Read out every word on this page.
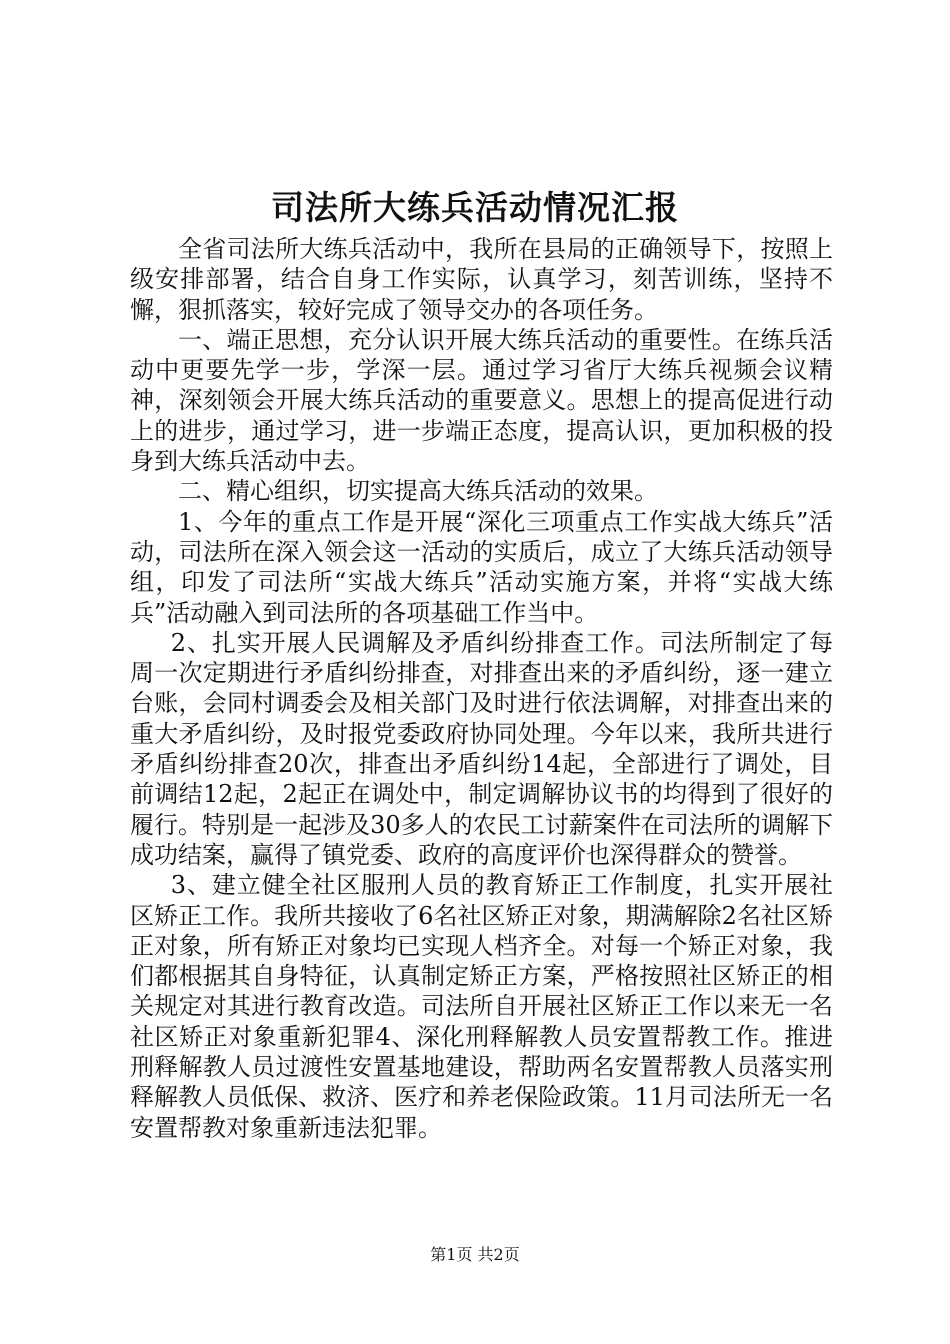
司法所大练兵活动情况汇报

全省司法所大练兵活动中，我所在县局的正确领导下，按照上级安排部署，结合自身工作实际，认真学习，刻苦训练，坚持不懈，狠抓落实，较好完成了领导交办的各项任务。

一、端正思想，充分认识开展大练兵活动的重要性。在练兵活动中更要先学一步，学深一层。通过学习省厅大练兵视频会议精神，深刻领会开展大练兵活动的重要意义。思想上的提高促进行动上的进步，通过学习，进一步端正态度，提高认识，更加积极的投身到大练兵活动中去。

二、精心组织，切实提高大练兵活动的效果。

1、今年的重点工作是开展“深化三项重点工作实战大练兵”活动，司法所在深入领会这一活动的实质后，成立了大练兵活动领导组，印发了司法所“实战大练兵”活动实施方案，并将“实战大练兵”活动融入到司法所的各项基础工作当中。

2、扎实开展人民调解及矛盾纠纷排查工作。司法所制定了每周一次定期进行矛盾纠纷排查，对排查出来的矛盾纠纷，逐一建立台账，会同村调委会及相关部门及时进行依法调解，对排查出来的重大矛盾纠纷，及时报党委政府协同处理。今年以来，我所共进行矛盾纠纷排查20次，排查出矛盾纠纷14起，全部进行了调处，目前调结12起，2起正在调处中，制定调解协议书的均得到了很好的履行。特别是一起涉及30多人的农民工讨薪案件在司法所的调解下成功结案，赢得了镇党委、政府的高度评价也深得群众的赞誉。

3、建立健全社区服刑人员的教育矫正工作制度，扎实开展社区矫正工作。我所共接收了6名社区矫正对象，期满解除2名社区矫正对象，所有矫正对象均已实现人档齐全。对每一个矫正对象，我们都根据其自身特征，认真制定矫正方案，严格按照社区矫正的相关规定对其进行教育改造。司法所自开展社区矫正工作以来无一名社区矫正对象重新犯罪4、深化刑释解教人员安置帮教工作。推进刑释解教人员过渡性安置基地建设，帮助两名安置帮教人员落实刑释解教人员低保、救济、医疗和养老保险政策。11月司法所无一名安置帮教对象重新违法犯罪。

第1页 共2页
